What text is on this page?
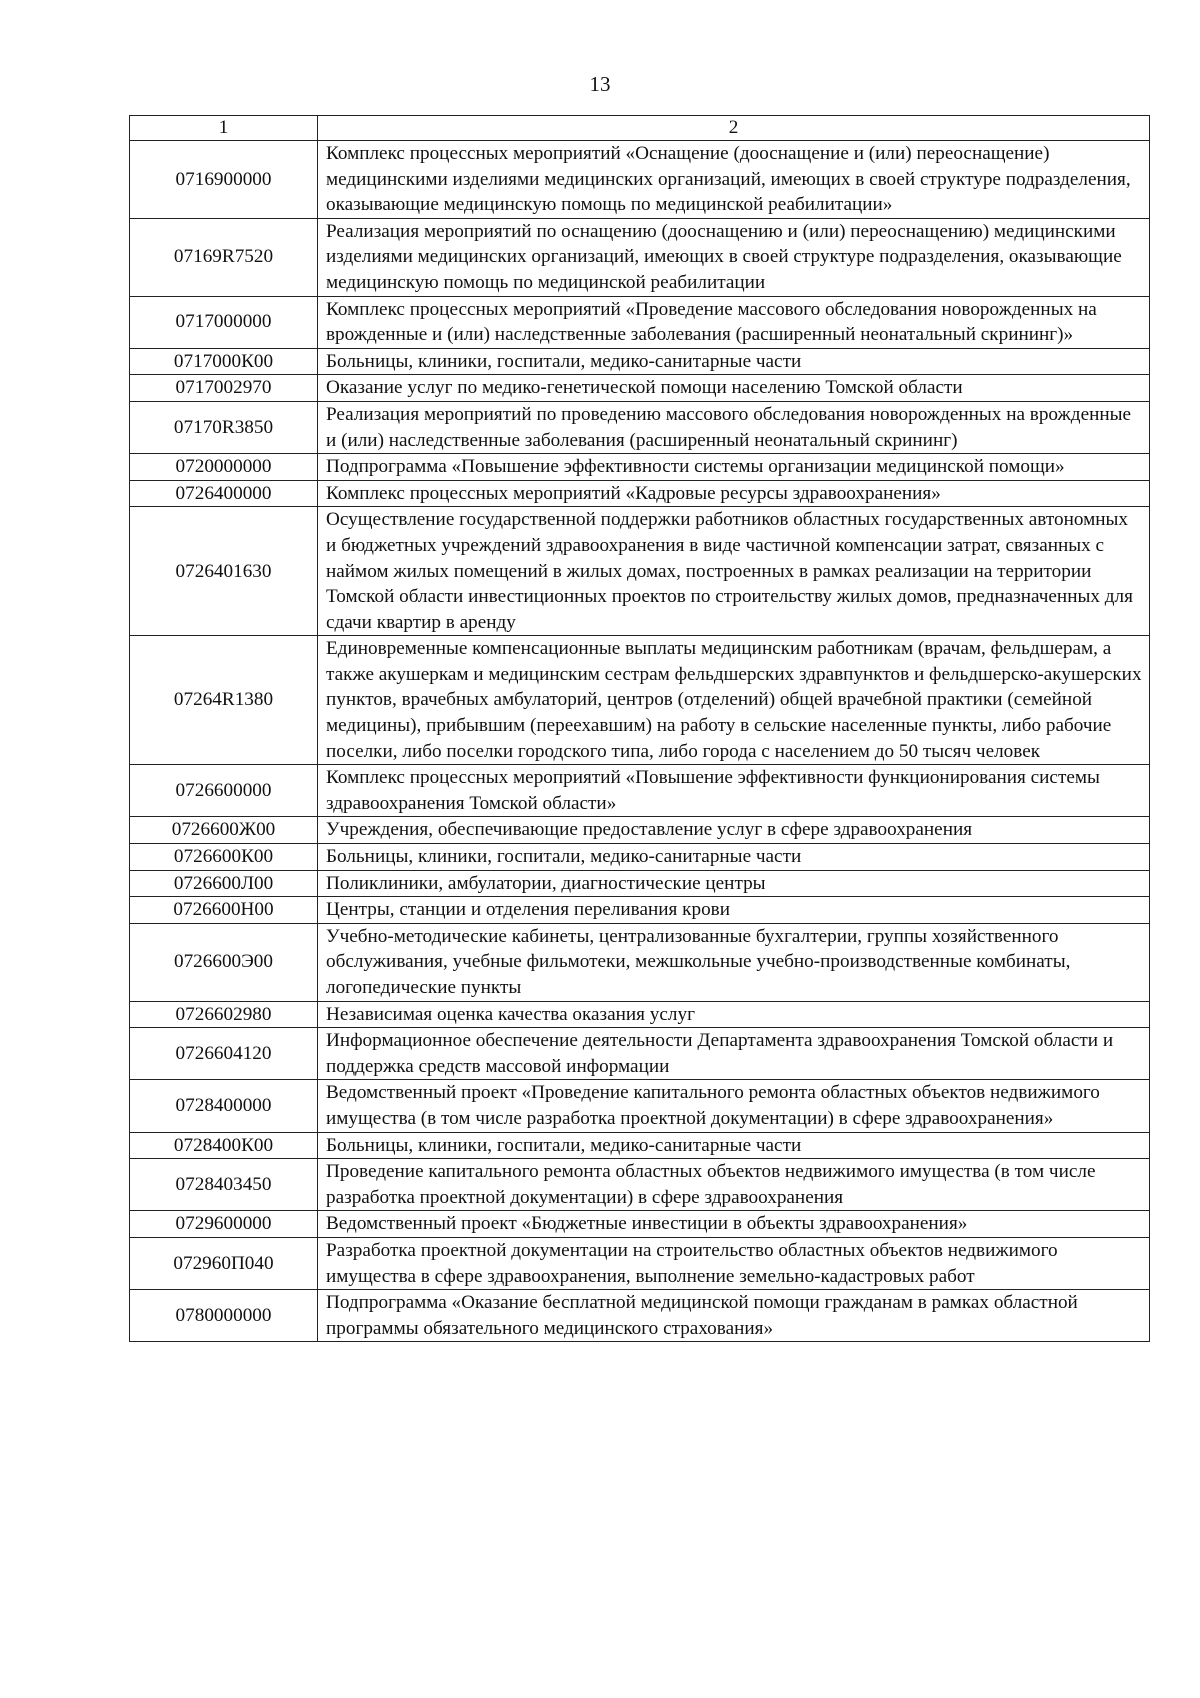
13
1	2
0716900000	Комплекс процессных мероприятий «Оснащение (дооснащение и (или) переоснащение) медицинскими изделиями медицинских организаций, имеющих в своей структуре подразделения, оказывающие медицинскую помощь по медицинской реабилитации»
07169R7520	Реализация мероприятий по оснащению (дооснащению и (или) переоснащению) медицинскими изделиями медицинских организаций, имеющих в своей структуре подразделения, оказывающие медицинскую помощь по медицинской реабилитации
0717000000	Комплекс процессных мероприятий «Проведение массового обследования новорожденных на врожденные и (или) наследственные заболевания (расширенный неонатальный скрининг)»
0717000К00	Больницы, клиники, госпитали, медико-санитарные части
0717002970	Оказание услуг по медико-генетической помощи населению Томской области
07170R3850	Реализация мероприятий по проведению массового обследования новорожденных на врожденные и (или) наследственные заболевания (расширенный неонатальный скрининг)
0720000000	Подпрограмма «Повышение эффективности системы организации медицинской помощи»
0726400000	Комплекс процессных мероприятий «Кадровые ресурсы здравоохранения»
0726401630	Осуществление государственной поддержки работников областных государственных автономных и бюджетных учреждений здравоохранения в виде частичной компенсации затрат, связанных с наймом жилых помещений в жилых домах, построенных в рамках реализации на территории Томской области инвестиционных проектов по строительству жилых домов, предназначенных для сдачи квартир в аренду
07264R1380	Единовременные компенсационные выплаты медицинским работникам (врачам, фельдшерам, а также акушеркам и медицинским сестрам фельдшерских здравпунктов и фельдшерско-акушерских пунктов, врачебных амбулаторий, центров (отделений) общей врачебной практики (семейной медицины), прибывшим (переехавшим) на работу в сельские населенные пункты, либо рабочие поселки, либо поселки городского типа, либо города с населением до 50 тысяч человек
0726600000	Комплекс процессных мероприятий «Повышение эффективности функционирования системы здравоохранения Томской области»
0726600Ж00	Учреждения, обеспечивающие предоставление услуг в сфере здравоохранения
0726600К00	Больницы, клиники, госпитали, медико-санитарные части
0726600Л00	Поликлиники, амбулатории, диагностические центры
0726600Н00	Центры, станции и отделения переливания крови
0726600Э00	Учебно-методические кабинеты, централизованные бухгалтерии, группы хозяйственного обслуживания, учебные фильмотеки, межшкольные учебно-производственные комбинаты, логопедические пункты
0726602980	Независимая оценка качества оказания услуг
0726604120	Информационное обеспечение деятельности Департамента здравоохранения Томской области и поддержка средств массовой информации
0728400000	Ведомственный проект «Проведение капитального ремонта областных объектов недвижимого имущества (в том числе разработка проектной документации) в сфере здравоохранения»
0728400К00	Больницы, клиники, госпитали, медико-санитарные части
0728403450	Проведение капитального ремонта областных объектов недвижимого имущества (в том числе разработка проектной документации) в сфере здравоохранения
0729600000	Ведомственный проект «Бюджетные инвестиции в объекты здравоохранения»
072960П040	Разработка проектной документации на строительство областных объектов недвижимого имущества в сфере здравоохранения, выполнение земельно-кадастровых работ
0780000000	Подпрограмма «Оказание бесплатной медицинской помощи гражданам в рамках областной программы обязательного медицинского страхования»
